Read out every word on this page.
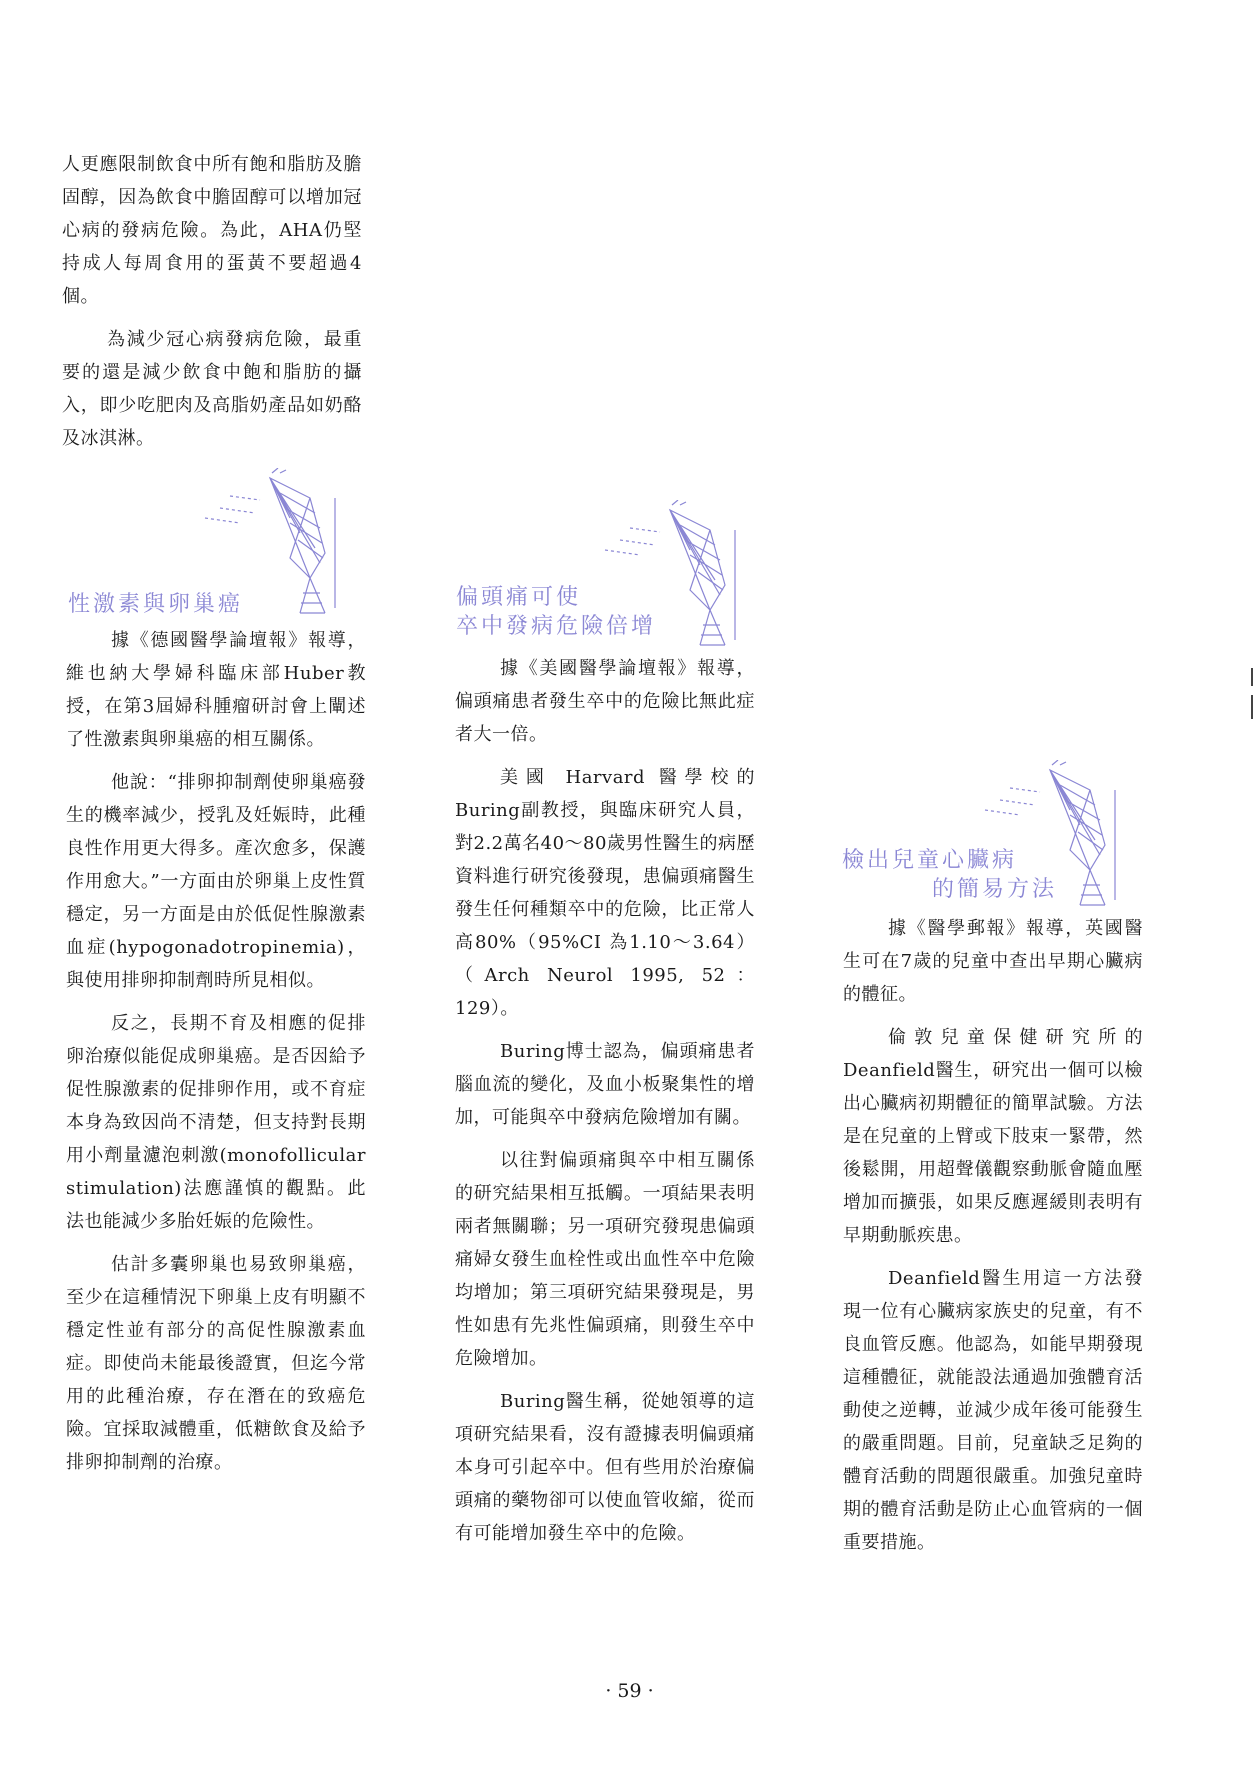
人更應限制飲食中所有飽和脂肪及膽固醇，因為飲食中膽固醇可以增加冠心病的發病危險。為此，AHA仍堅持成人每周食用的蛋黃不要超過4個。

為減少冠心病發病危險，最重要的還是減少飲食中飽和脂肪的攝入，即少吃肥肉及高脂奶產品如奶酪及冰淇淋。

性激素與卵巢癌

據《德國醫學論壇報》報導，維也納大學婦科臨床部Huber教授，在第3屆婦科腫瘤研討會上闡述了性激素與卵巢癌的相互關係。

他說：“排卵抑制劑使卵巢癌發生的機率減少，授乳及妊娠時，此種良性作用更大得多。產次愈多，保護作用愈大。”一方面由於卵巢上皮性質穩定，另一方面是由於低促性腺激素血症(hypogonadotropinemia)，與使用排卵抑制劑時所見相似。

反之，長期不育及相應的促排卵治療似能促成卵巢癌。是否因給予促性腺激素的促排卵作用，或不育症本身為致因尚不清楚，但支持對長期用小劑量濾泡刺激(monofollicular stimulation)法應謹慎的觀點。此法也能減少多胎妊娠的危險性。

估計多囊卵巢也易致卵巢癌，至少在這種情況下卵巢上皮有明顯不穩定性並有部分的高促性腺激素血症。即使尚未能最後證實，但迄今常用的此種治療，存在潛在的致癌危險。宜採取減體重，低糖飲食及給予排卵抑制劑的治療。

偏頭痛可使
卒中發病危險倍增

據《美國醫學論壇報》報導，偏頭痛患者發生卒中的危險比無此症者大一倍。

美國 Harvard 醫學校的Buring副教授，與臨床研究人員，對2.2萬名40～80歲男性醫生的病歷資料進行研究後發現，患偏頭痛醫生發生任何種類卒中的危險，比正常人高80%（95%CI 為1.10～3.64）（Arch Neurol 1995, 52：129）。

Buring博士認為，偏頭痛患者腦血流的變化，及血小板聚集性的增加，可能與卒中發病危險增加有關。

以往對偏頭痛與卒中相互關係的研究結果相互抵觸。一項結果表明兩者無關聯；另一項研究發現患偏頭痛婦女發生血栓性或出血性卒中危險均增加；第三項研究結果發現是，男性如患有先兆性偏頭痛，則發生卒中危險增加。

Buring醫生稱，從她領導的這項研究結果看，沒有證據表明偏頭痛本身可引起卒中。但有些用於治療偏頭痛的藥物卻可以使血管收縮，從而有可能增加發生卒中的危險。

檢出兒童心臟病
的簡易方法

據《醫學郵報》報導，英國醫生可在7歲的兒童中查出早期心臟病的體征。

倫敦兒童保健研究所的Deanfield醫生，研究出一個可以檢出心臟病初期體征的簡單試驗。方法是在兒童的上臂或下肢束一緊帶，然後鬆開，用超聲儀觀察動脈會隨血壓增加而擴張，如果反應遲緩則表明有早期動脈疾患。

Deanfield醫生用這一方法發現一位有心臟病家族史的兒童，有不良血管反應。他認為，如能早期發現這種體征，就能設法通過加強體育活動使之逆轉，並減少成年後可能發生的嚴重問題。目前，兒童缺乏足夠的體育活動的問題很嚴重。加強兒童時期的體育活動是防止心血管病的一個重要措施。

· 59 ·
